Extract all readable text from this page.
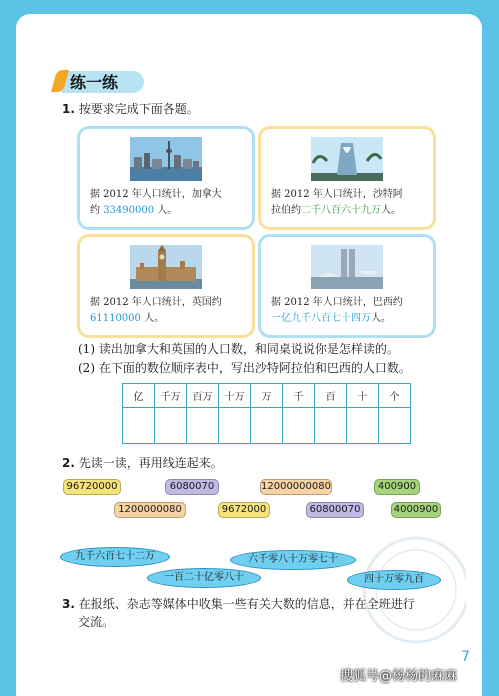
练一练
1. 按要求完成下面各题。
据 2012 年人口统计，加拿大
约 33490000 人。
据 2012 年人口统计，沙特阿
拉伯约二千八百六十九万人。
据 2012 年人口统计，英国约
61110000 人。
据 2012 年人口统计，巴西约
一亿九千八百七十四万人。
(1) 读出加拿大和英国的人口数，和同桌说说你是怎样读的。
(2) 在下面的数位顺序表中，写出沙特阿拉伯和巴西的人口数。
亿	千万	百万	十万	万	千	百	十	个

2. 先读一读，再用线连起来。
96720000	6080070	12000000080	400900
1200000080	9672000	60800070	4000900
九千六百七十二万	六千零八十万零七十
一百二十亿零八十	四十万零九百
3. 在报纸、杂志等媒体中收集一些有关大数的信息，并在全班进行
交流。
7
搜狐号@杨杨的麻麻
